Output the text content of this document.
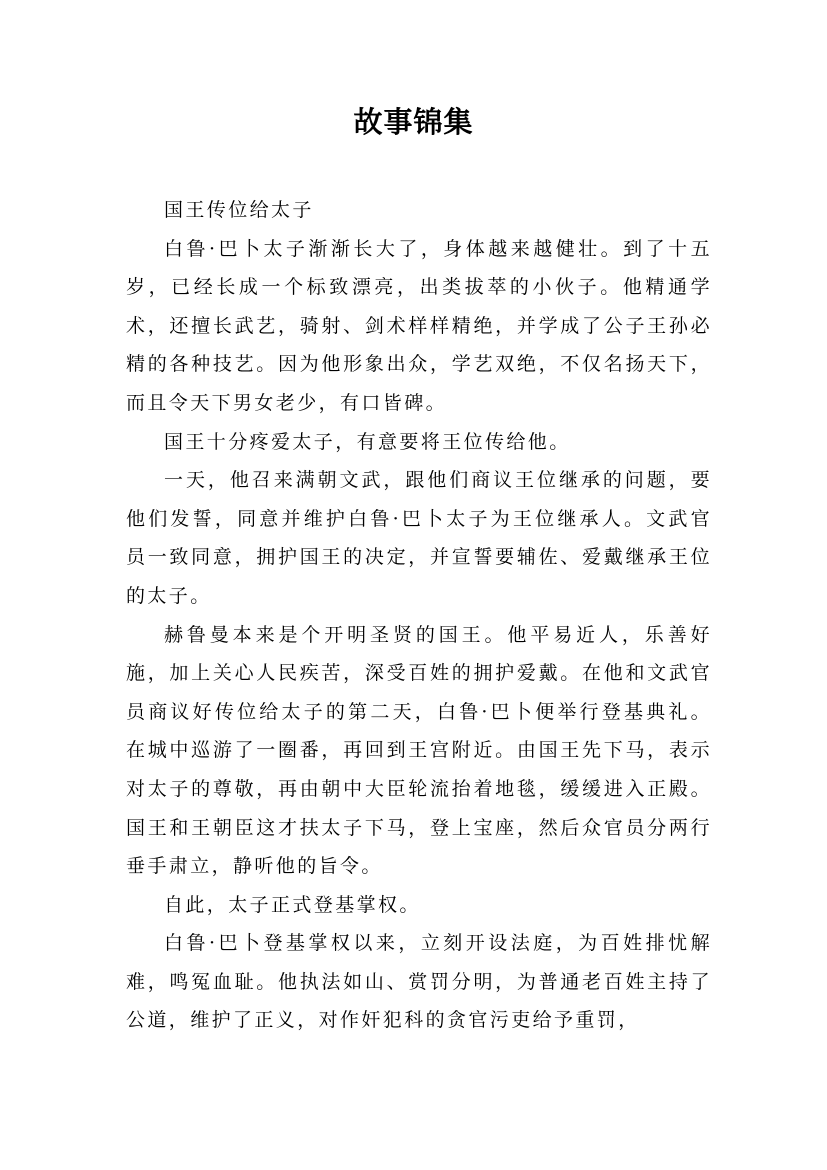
故事锦集

国王传位给太子

白鲁·巴卜太子渐渐长大了，身体越来越健壮。到了十五岁，已经长成一个标致漂亮，出类拔萃的小伙子。他精通学术，还擅长武艺，骑射、剑术样样精绝，并学成了公子王孙必精的各种技艺。因为他形象出众，学艺双绝，不仅名扬天下，而且令天下男女老少，有口皆碑。

国王十分疼爱太子，有意要将王位传给他。

一天，他召来满朝文武，跟他们商议王位继承的问题，要他们发誓，同意并维护白鲁·巴卜太子为王位继承人。文武官员一致同意，拥护国王的决定，并宣誓要辅佐、爱戴继承王位的太子。

赫鲁曼本来是个开明圣贤的国王。他平易近人，乐善好施，加上关心人民疾苦，深受百姓的拥护爱戴。在他和文武官员商议好传位给太子的第二天，白鲁·巴卜便举行登基典礼。在城中巡游了一圈番，再回到王宫附近。由国王先下马，表示对太子的尊敬，再由朝中大臣轮流抬着地毯，缓缓进入正殿。国王和王朝臣这才扶太子下马，登上宝座，然后众官员分两行垂手肃立，静听他的旨令。

自此，太子正式登基掌权。

白鲁·巴卜登基掌权以来，立刻开设法庭，为百姓排忧解难，鸣冤血耻。他执法如山、赏罚分明，为普通老百姓主持了公道，维护了正义，对作奸犯科的贪官污吏给予重罚，
